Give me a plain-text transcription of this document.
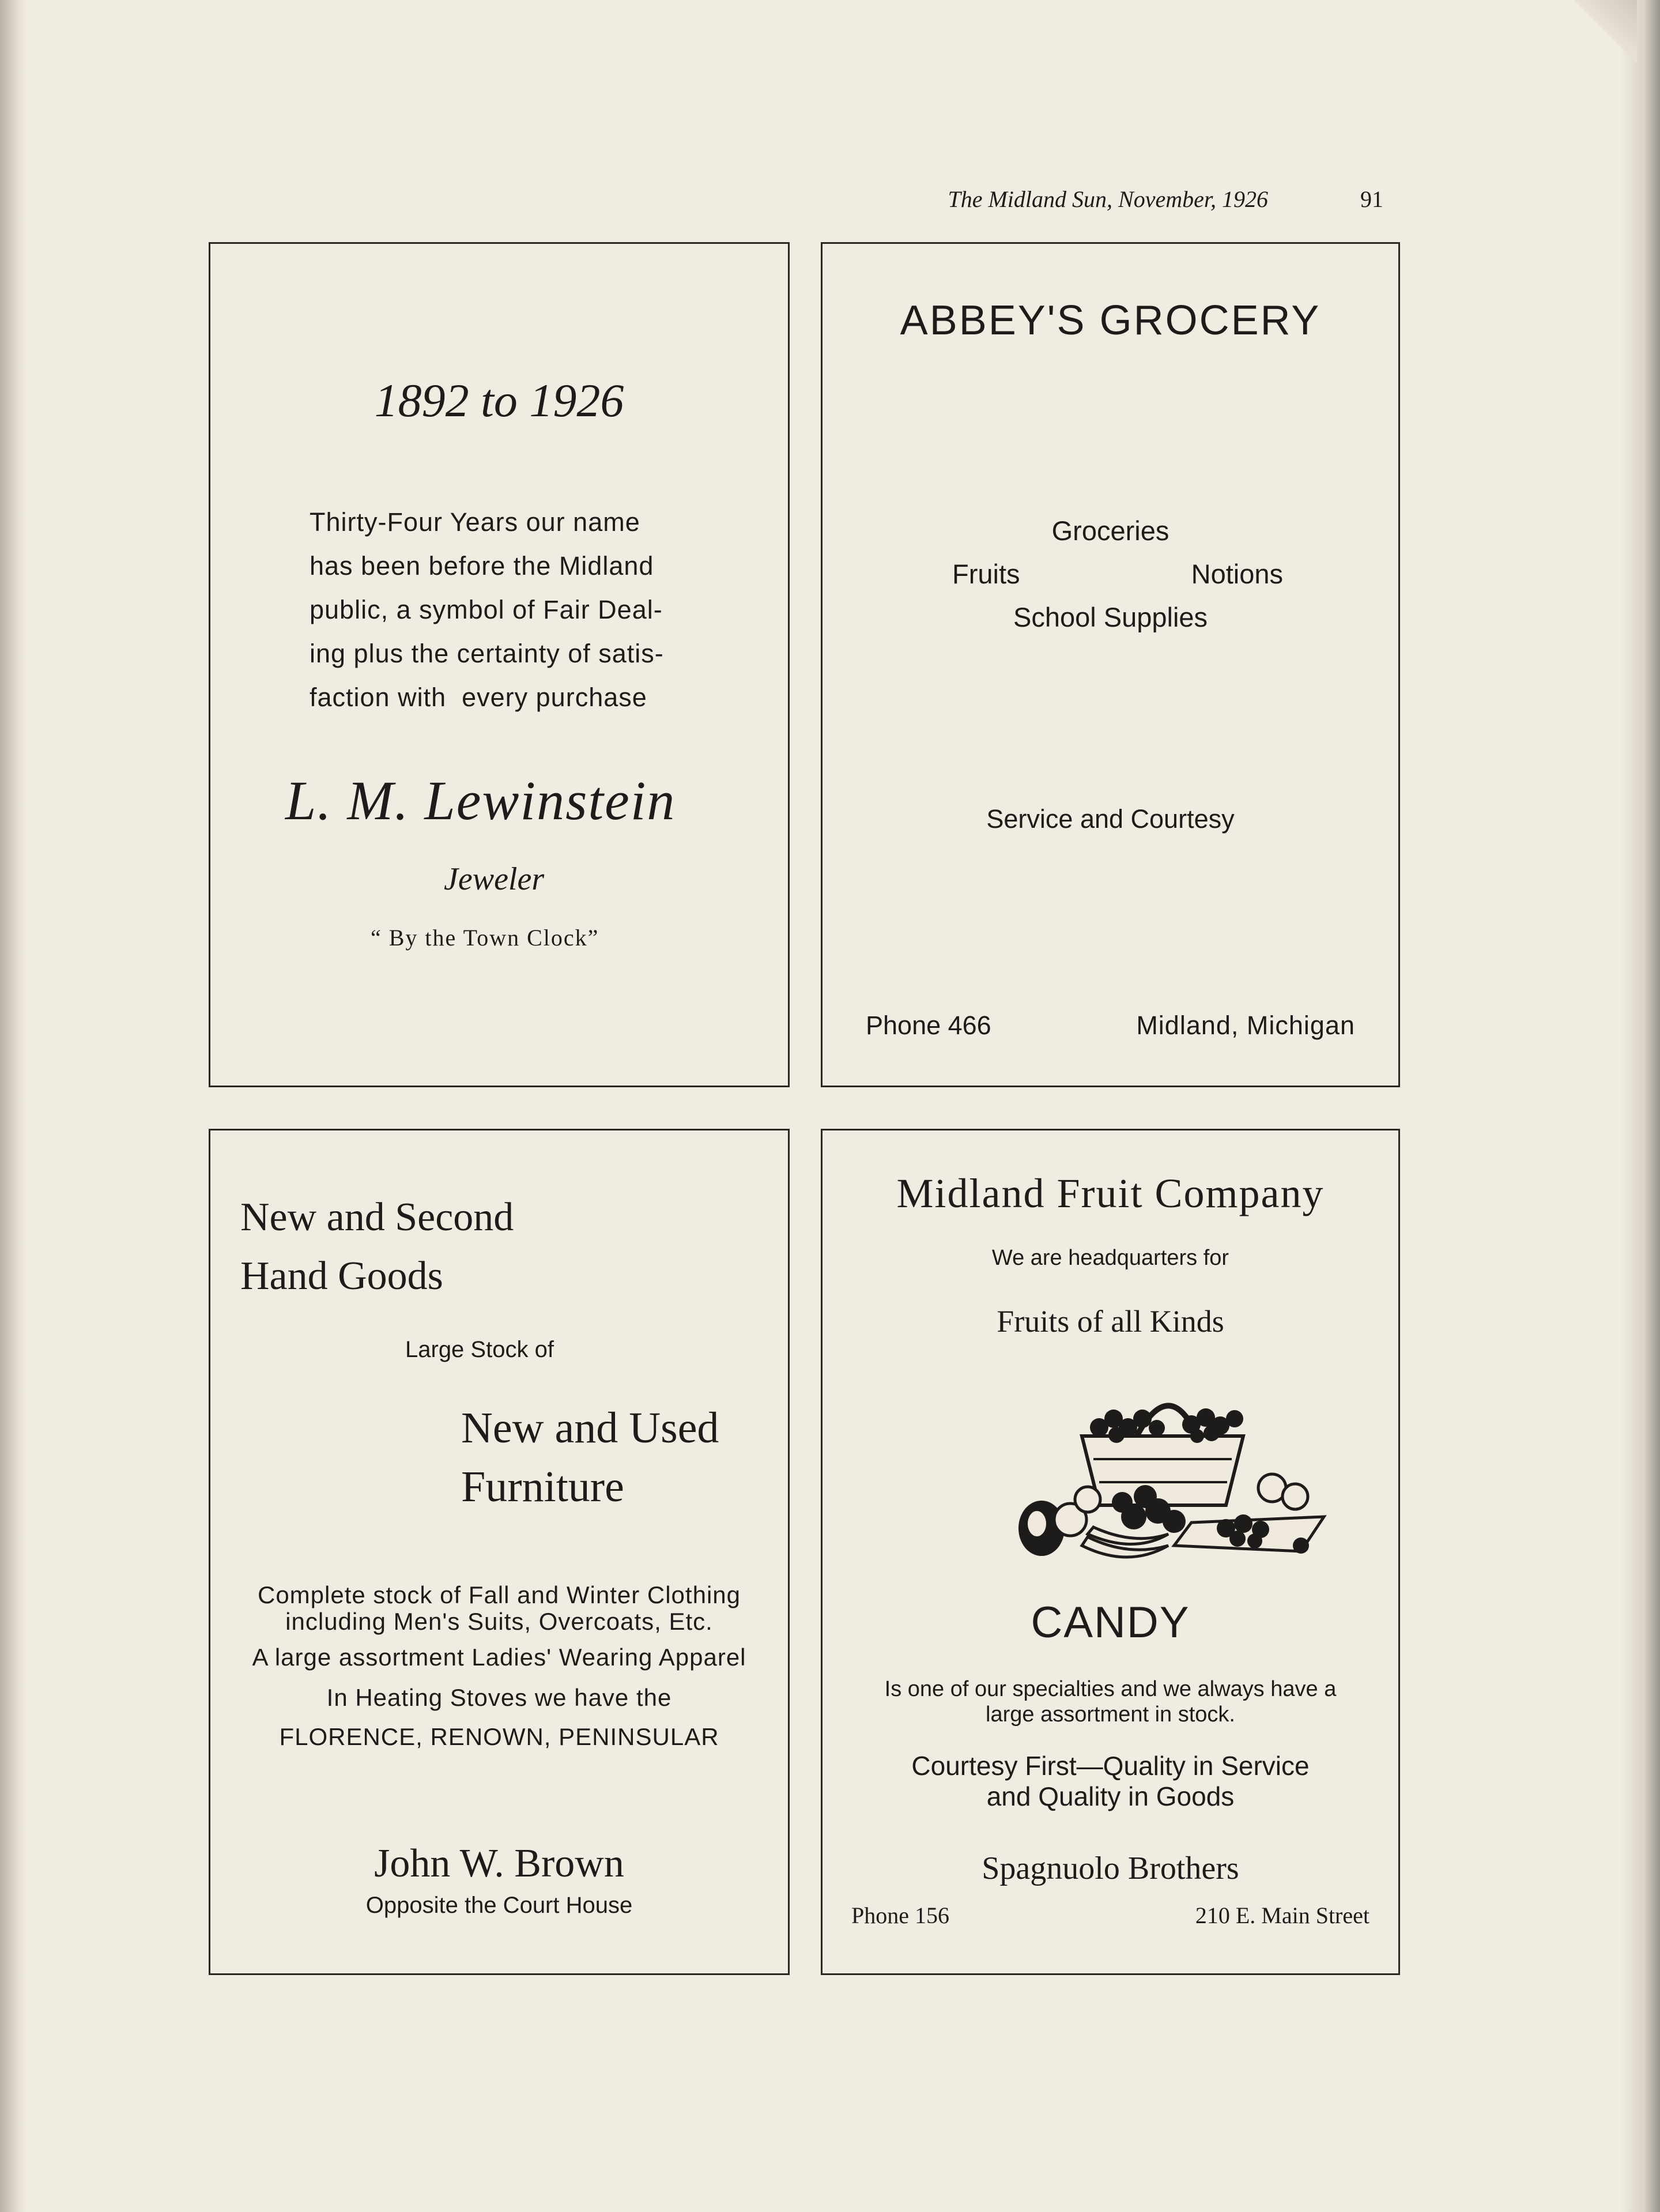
The Midland Sun, November, 1926	91
1892 to 1926
Thirty-Four Years our name
has been before the Midland
public, a symbol of Fair Deal-
ing plus the certainty of satis-
faction with  every purchase
L. M. Lewinstein
Jeweler
“ By the Town Clock”
ABBEY'S GROCERY
Groceries
Fruits	Notions
School Supplies
Service and Courtesy
Phone 466	Midland, Michigan
New and Second
Hand Goods
Large Stock of
New and Used
Furniture
Complete stock of Fall and Winter Clothing
including Men's Suits, Overcoats, Etc.
A large assortment Ladies' Wearing Apparel
In Heating Stoves we have the
FLORENCE, RENOWN, PENINSULAR
John W. Brown
Opposite the Court House
Midland Fruit Company
We are headquarters for
Fruits of all Kinds
CANDY
Is one of our specialties and we always have a
large assortment in stock.
Courtesy First—Quality in Service
and Quality in Goods
Spagnuolo Brothers
Phone 156	210 E. Main Street
